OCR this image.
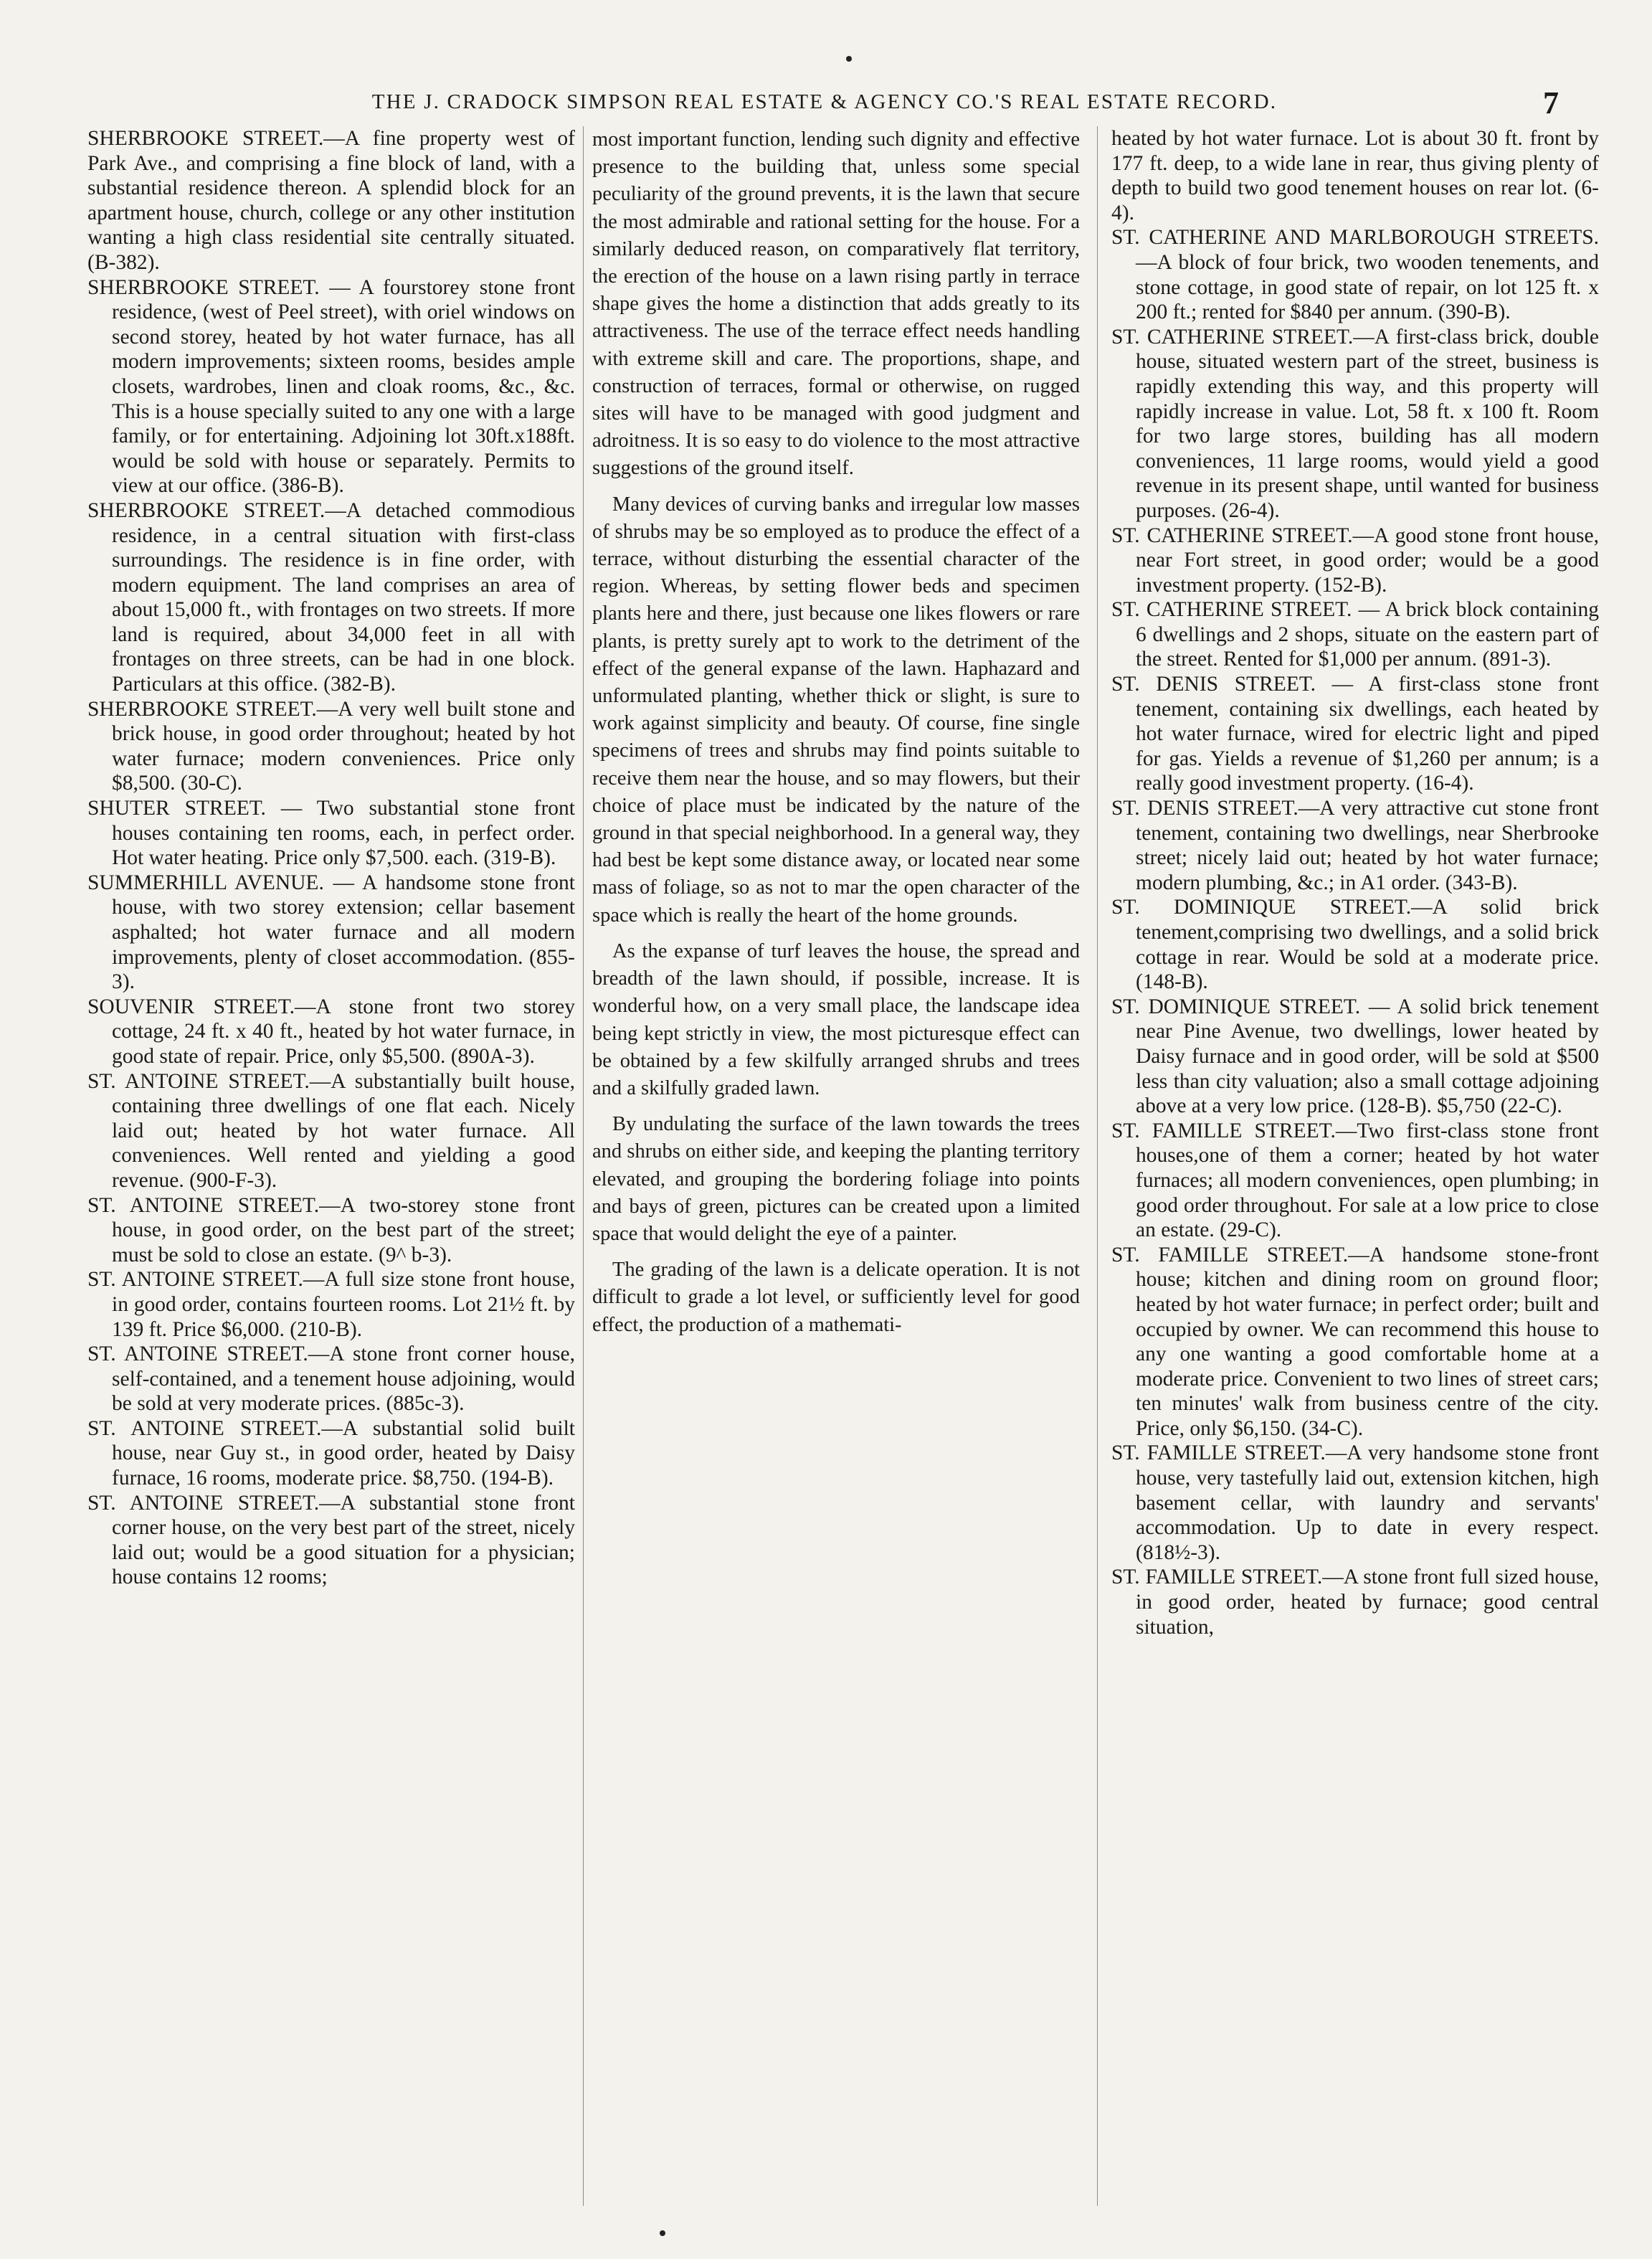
THE J. CRADOCK SIMPSON REAL ESTATE & AGENCY CO.'S REAL ESTATE RECORD.	7

SHERBROOKE STREET.—A fine property west of Park Ave., and comprising a fine block of land, with a substantial residence thereon. A splendid block for an apartment house, church, college or any other institution wanting a high class residential site centrally situated. (B-382).

SHERBROOKE STREET. — A fourstorey stone front residence, (west of Peel street), with oriel windows on second storey, heated by hot water furnace, has all modern improvements; sixteen rooms, besides ample closets, wardrobes, linen and cloak rooms, &c., &c. This is a house specially suited to any one with a large family, or for entertaining. Adjoining lot 30ft.x188ft. would be sold with house or separately. Permits to view at our office. (386-B).

SHERBROOKE STREET.—A detached commodious residence, in a central situation with first-class surroundings. The residence is in fine order, with modern equipment. The land comprises an area of about 15,000 ft., with frontages on two streets. If more land is required, about 34,000 feet in all with frontages on three streets, can be had in one block. Particulars at this office. (382-B).

SHERBROOKE STREET.—A very well built stone and brick house, in good order throughout; heated by hot water furnace; modern conveniences. Price only $8,500. (30-C).

SHUTER STREET. — Two substantial stone front houses containing ten rooms, each, in perfect order. Hot water heating. Price only $7,500. each. (319-B).

SUMMERHILL AVENUE. — A handsome stone front house, with two storey extension; cellar basement asphalted; hot water furnace and all modern improvements, plenty of closet accommodation. (855-3).

SOUVENIR STREET.—A stone front two storey cottage, 24 ft. x 40 ft., heated by hot water furnace, in good state of repair. Price, only $5,500. (890A-3).

ST. ANTOINE STREET.—A substantially built house, containing three dwellings of one flat each. Nicely laid out; heated by hot water furnace. All conveniences. Well rented and yielding a good revenue. (900-F-3).

ST. ANTOINE STREET.—A two-storey stone front house, in good order, on the best part of the street; must be sold to close an estate. (9^ b-3).

ST. ANTOINE STREET.—A full size stone front house, in good order, contains fourteen rooms. Lot 21½ ft. by 139 ft. Price $6,000. (210-B).

ST. ANTOINE STREET.—A stone front corner house, self-contained, and a tenement house adjoining, would be sold at very moderate prices. (885c-3).

ST. ANTOINE STREET.—A substantial solid built house, near Guy st., in good order, heated by Daisy furnace, 16 rooms, moderate price. $8,750. (194-B).

ST. ANTOINE STREET.—A substantial stone front corner house, on the very best part of the street, nicely laid out; would be a good situation for a physician; house contains 12 rooms;

most important function, lending such dignity and effective presence to the building that, unless some special peculiarity of the ground prevents, it is the lawn that secure the most admirable and rational setting for the house. For a similarly deduced reason, on comparatively flat territory, the erection of the house on a lawn rising partly in terrace shape gives the home a distinction that adds greatly to its attractiveness. The use of the terrace effect needs handling with extreme skill and care. The proportions, shape, and construction of terraces, formal or otherwise, on rugged sites will have to be managed with good judgment and adroitness. It is so easy to do violence to the most attractive suggestions of the ground itself.

Many devices of curving banks and irregular low masses of shrubs may be so employed as to produce the effect of a terrace, without disturbing the essential character of the region. Whereas, by setting flower beds and specimen plants here and there, just because one likes flowers or rare plants, is pretty surely apt to work to the detriment of the effect of the general expanse of the lawn. Haphazard and unformulated planting, whether thick or slight, is sure to work against simplicity and beauty. Of course, fine single specimens of trees and shrubs may find points suitable to receive them near the house, and so may flowers, but their choice of place must be indicated by the nature of the ground in that special neighborhood. In a general way, they had best be kept some distance away, or located near some mass of foliage, so as not to mar the open character of the space which is really the heart of the home grounds.

As the expanse of turf leaves the house, the spread and breadth of the lawn should, if possible, increase. It is wonderful how, on a very small place, the landscape idea being kept strictly in view, the most picturesque effect can be obtained by a few skilfully arranged shrubs and trees and a skilfully graded lawn.

By undulating the surface of the lawn towards the trees and shrubs on either side, and keeping the planting territory elevated, and grouping the bordering foliage into points and bays of green, pictures can be created upon a limited space that would delight the eye of a painter.

The grading of the lawn is a delicate operation. It is not difficult to grade a lot level, or sufficiently level for good effect, the production of a mathemati-

heated by hot water furnace. Lot is about 30 ft. front by 177 ft. deep, to a wide lane in rear, thus giving plenty of depth to build two good tenement houses on rear lot. (6-4).

ST. CATHERINE AND MARLBOROUGH STREETS.—A block of four brick, two wooden tenements, and stone cottage, in good state of repair, on lot 125 ft. x 200 ft.; rented for $840 per annum. (390-B).

ST. CATHERINE STREET.—A first-class brick, double house, situated western part of the street, business is rapidly extending this way, and this property will rapidly increase in value. Lot, 58 ft. x 100 ft. Room for two large stores, building has all modern conveniences, 11 large rooms, would yield a good revenue in its present shape, until wanted for business purposes. (26-4).

ST. CATHERINE STREET.—A good stone front house, near Fort street, in good order; would be a good investment property. (152-B).

ST. CATHERINE STREET. — A brick block containing 6 dwellings and 2 shops, situate on the eastern part of the street. Rented for $1,000 per annum. (891-3).

ST. DENIS STREET. — A first-class stone front tenement, containing six dwellings, each heated by hot water furnace, wired for electric light and piped for gas. Yields a revenue of $1,260 per annum; is a really good investment property. (16-4).

ST. DENIS STREET.—A very attractive cut stone front tenement, containing two dwellings, near Sherbrooke street; nicely laid out; heated by hot water furnace; modern plumbing, &c.; in A1 order. (343-B).

ST. DOMINIQUE STREET.—A solid brick tenement,comprising two dwellings, and a solid brick cottage in rear. Would be sold at a moderate price. (148-B).

ST. DOMINIQUE STREET. — A solid brick tenement near Pine Avenue, two dwellings, lower heated by Daisy furnace and in good order, will be sold at $500 less than city valuation; also a small cottage adjoining above at a very low price. (128-B). $5,750 (22-C).

ST. FAMILLE STREET.—Two first-class stone front houses,one of them a corner; heated by hot water furnaces; all modern conveniences, open plumbing; in good order throughout. For sale at a low price to close an estate. (29-C).

ST. FAMILLE STREET.—A handsome stone-front house; kitchen and dining room on ground floor; heated by hot water furnace; in perfect order; built and occupied by owner. We can recommend this house to any one wanting a good comfortable home at a moderate price. Convenient to two lines of street cars; ten minutes' walk from business centre of the city. Price, only $6,150. (34-C).

ST. FAMILLE STREET.—A very handsome stone front house, very tastefully laid out, extension kitchen, high basement cellar, with laundry and servants' accommodation. Up to date in every respect. (818½-3).

ST. FAMILLE STREET.—A stone front full sized house, in good order, heated by furnace; good central situation,
